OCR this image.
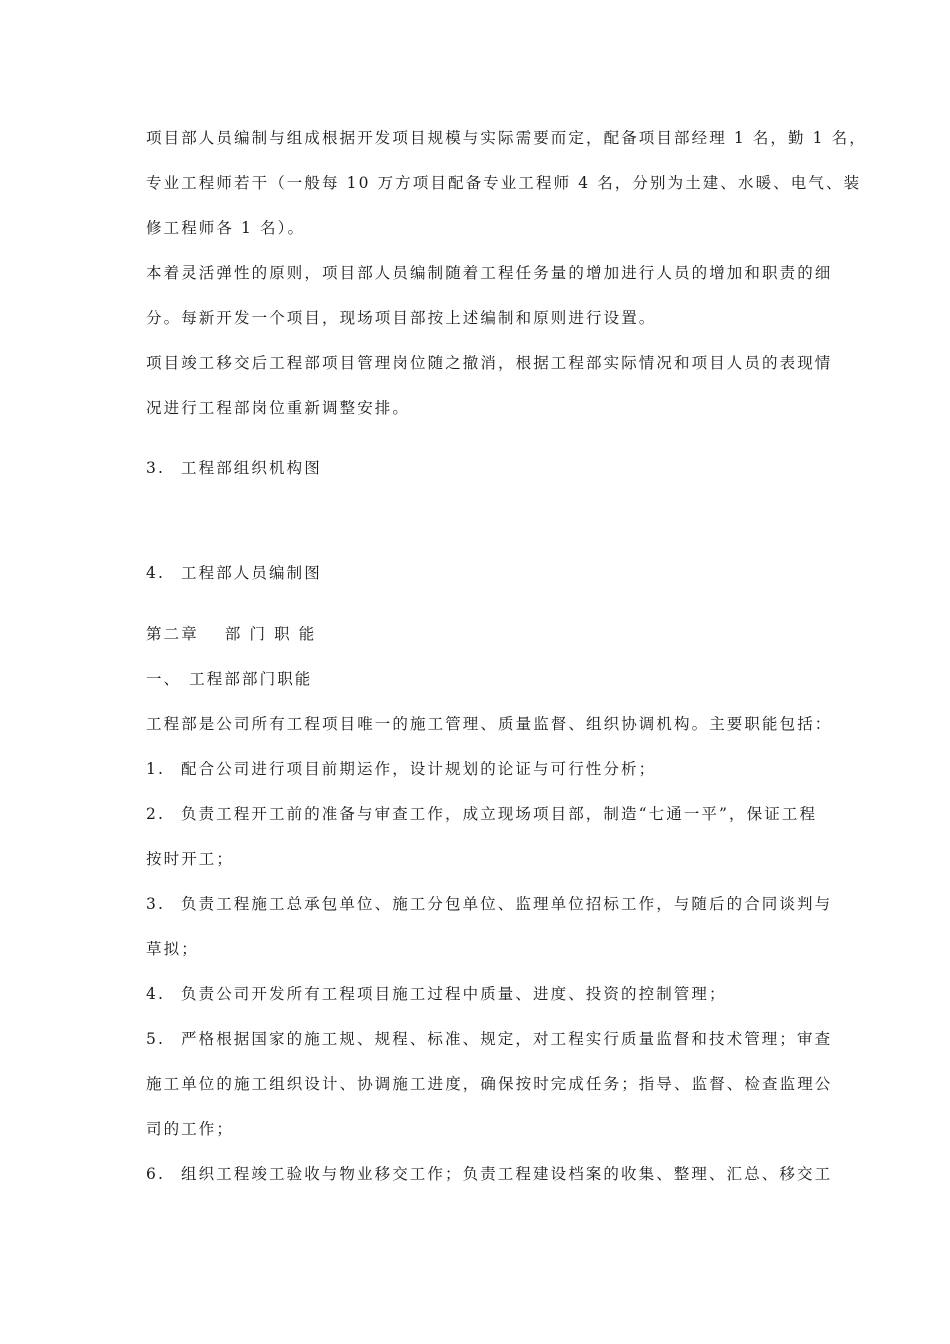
项目部人员编制与组成根据开发项目规模与实际需要而定，配备项目部经理 1 名，勤 1 名，
专业工程师若干（一般每 10 万方项目配备专业工程师 4 名，分别为土建、水暖、电气、装
修工程师各 1 名）。
本着灵活弹性的原则，项目部人员编制随着工程任务量的增加进行人员的增加和职责的细
分。每新开发一个项目，现场项目部按上述编制和原则进行设置。
项目竣工移交后工程部项目管理岗位随之撤消，根据工程部实际情况和项目人员的表现情
况进行工程部岗位重新调整安排。
3. 工程部组织机构图
4. 工程部人员编制图
第二章 部 门 职 能
一、 工程部部门职能
工程部是公司所有工程项目唯一的施工管理、质量监督、组织协调机构。主要职能包括：
1. 配合公司进行项目前期运作，设计规划的论证与可行性分析；
2. 负责工程开工前的准备与审查工作，成立现场项目部，制造“七通一平”，保证工程
按时开工；
3. 负责工程施工总承包单位、施工分包单位、监理单位招标工作，与随后的合同谈判与
草拟；
4. 负责公司开发所有工程项目施工过程中质量、进度、投资的控制管理；
5. 严格根据国家的施工规、规程、标准、规定，对工程实行质量监督和技术管理；审查
施工单位的施工组织设计、协调施工进度，确保按时完成任务；指导、监督、检查监理公
司的工作；
6. 组织工程竣工验收与物业移交工作；负责工程建设档案的收集、整理、汇总、移交工
